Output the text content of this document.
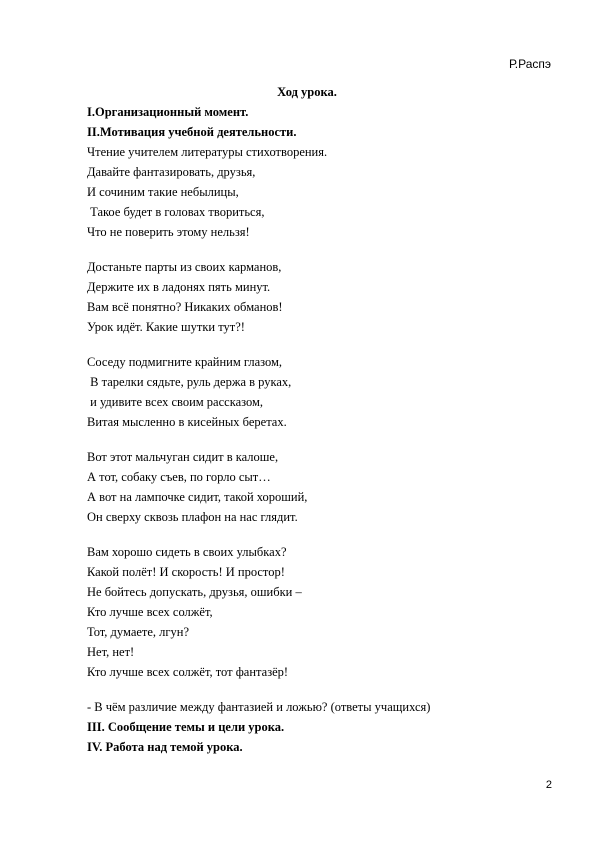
Р.Распэ
Ход урока.
I.Организационный момент.
II.Мотивация учебной деятельности.
Чтение учителем литературы стихотворения.
Давайте фантазировать, друзья,
И сочиним такие небылицы,
Такое будет в головах твориться,
Что не поверить этому нельзя!
Достаньте парты из своих карманов,
Держите их в ладонях пять минут.
Вам всё понятно? Никаких обманов!
Урок идёт. Какие шутки тут?!
Соседу подмигните крайним глазом,
В тарелки сядьте, руль держа в руках,
и удивите всех своим рассказом,
Витая мысленно в кисейных беретах.
Вот этот мальчуган сидит в калоше,
А тот, собаку съев, по горло сыт…
А вот на лампочке сидит, такой хороший,
Он сверху сквозь плафон на нас глядит.
Вам хорошо сидеть в своих улыбках?
Какой полёт! И скорость! И простор!
Не бойтесь допускать, друзья, ошибки –
Кто лучше всех солжёт,
Тот, думаете, лгун?
Нет, нет!
Кто лучше всех солжёт, тот фантазёр!
- В чём различие между фантазией и ложью? (ответы учащихся)
III. Сообщение темы и цели урока.
IV. Работа над темой урока.
2
